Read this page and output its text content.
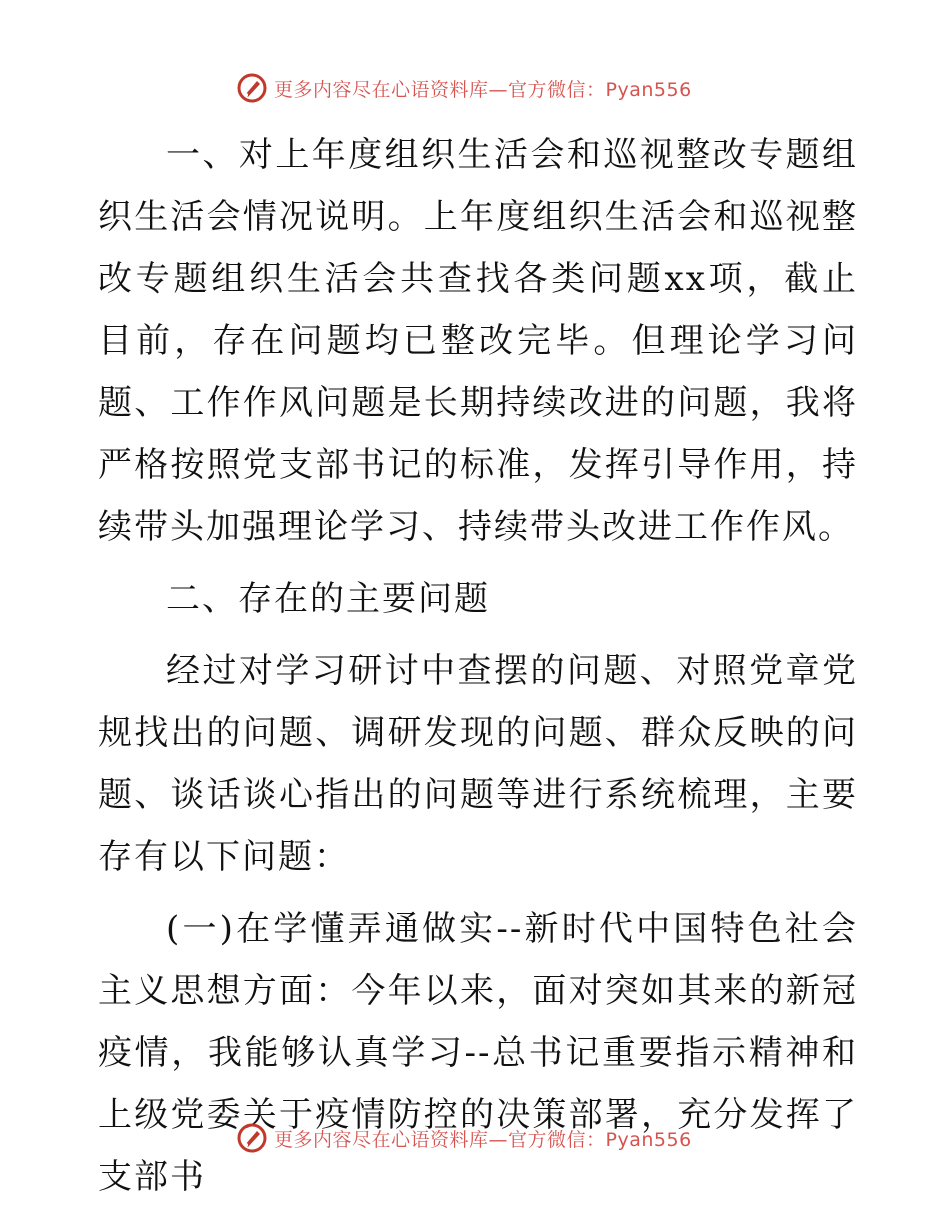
更多内容尽在心语资料库—官方微信：Pyan556

一、对上年度组织生活会和巡视整改专题组织生活会情况说明。上年度组织生活会和巡视整改专题组织生活会共查找各类问题xx项，截止目前，存在问题均已整改完毕。但理论学习问题、工作作风问题是长期持续改进的问题，我将严格按照党支部书记的标准，发挥引导作用，持续带头加强理论学习、持续带头改进工作作风。

二、存在的主要问题

经过对学习研讨中查摆的问题、对照党章党规找出的问题、调研发现的问题、群众反映的问题、谈话谈心指出的问题等进行系统梳理，主要存有以下问题：

(一)在学懂弄通做实--新时代中国特色社会主义思想方面：今年以来，面对突如其来的新冠疫情，我能够认真学习--总书记重要指示精神和上级党委关于疫情防控的决策部署，充分发挥了支部书

更多内容尽在心语资料库—官方微信：Pyan556
